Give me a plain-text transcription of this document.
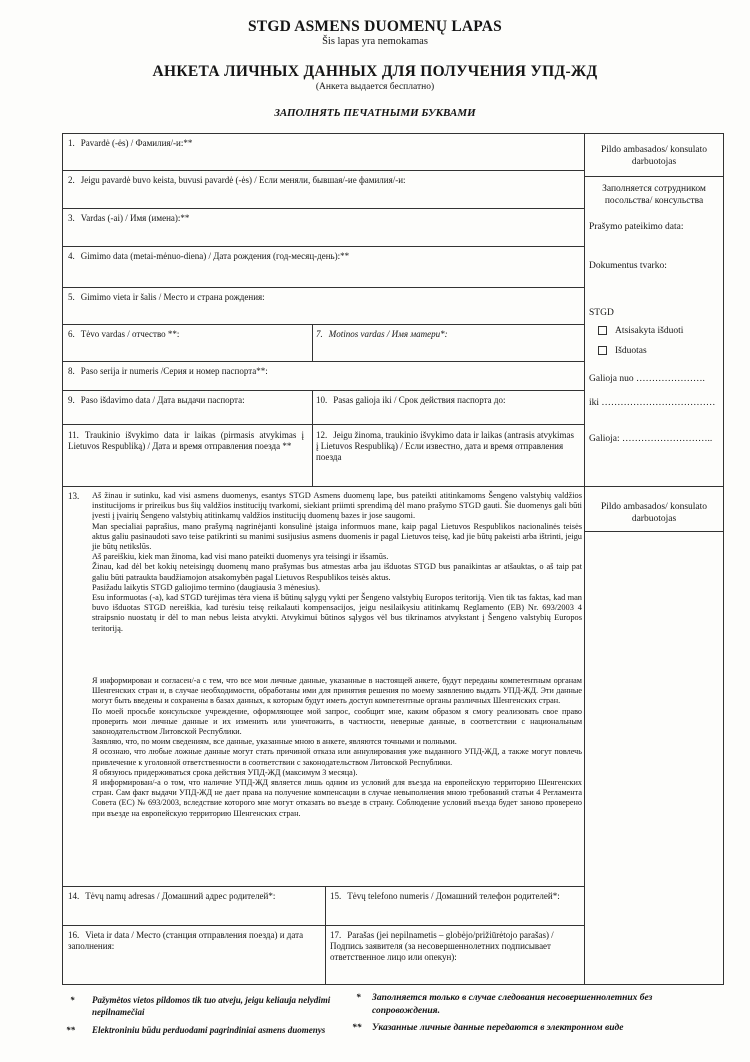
STGD ASMENS DUOMENŲ LAPAS
Šis lapas yra nemokamas
АНКЕТА ЛИЧНЫХ ДАННЫХ ДЛЯ ПОЛУЧЕНИЯ УПД-ЖД
(Анкета выдается бесплатно)
ЗАПОЛНЯТЬ ПЕЧАТНЫМИ БУКВАМИ
1. Pavardė (-ės) / Фамилия/-и:**
2. Jeigu pavardė buvo keista, buvusi pavardė (-ės) / Если меняли, бывшая/-ие фамилия/-и:
3. Vardas (-ai) / Имя (имена):**
4. Gimimo data (metai-mėnuo-diena) / Дата рождения (год-месяц-день):**
5. Gimimo vieta ir šalis / Место и страна рождения:
6. Tėvo vardas / отчество **:	7. Motinos vardas / Имя матери*:
8. Paso serija ir numeris /Серия и номер паспорта**:
9. Paso išdavimo data / Дата выдачи паспорта:	10. Pasas galioja iki / Срок действия паспорта до:
11. Traukinio išvykimo data ir laikas (pirmasis atvykimas į Lietuvos Respubliką) / Дата и время отправления поезда **
12. Jeigu žinoma, traukinio išvykimo data ir laikas (antrasis atvykimas į Lietuvos Respubliką) / Если известно, дата и время отправления поезда
13. Aš žinau ir sutinku, kad visi asmens duomenys, esantys STGD Asmens duomenų lape, bus pateikti atitinkamoms Šengeno valstybių valdžios institucijoms ir prireikus bus šių valdžios institucijų tvarkomi, siekiant priimti sprendimą dėl mano prašymo STGD gauti. Šie duomenys gali būti įvesti į įvairių Šengeno valstybių atitinkamų valdžios institucijų duomenų bazes ir jose saugomi.

Man specialiai paprašius, mano prašymą nagrinėjanti konsulinė įstaiga informuos mane, kaip pagal Lietuvos Respublikos nacionalinės teisės aktus galiu pasinaudoti savo teise patikrinti su manimi susijusius asmens duomenis ir pagal Lietuvos teisę, kad jie būtų pakeisti arba ištrinti, jeigu jie būtų netikslūs.

Aš pareiškiu, kiek man žinoma, kad visi mano pateikti duomenys yra teisingi ir išsamūs.

Žinau, kad dėl bet kokių neteisingų duomenų mano prašymas bus atmestas arba jau išduotas STGD bus panaikintas ar atšauktas, o aš taip pat galiu būti patraukta baudžiamojon atsakomybėn pagal Lietuvos Respublikos teisės aktus.

Pasižadu laikytis STGD galiojimo termino (daugiausia 3 mėnesius).

Esu informuotas (-a), kad STGD turėjimas tėra viena iš būtinų sąlygų vykti per Šengeno valstybių Europos teritoriją. Vien tik tas faktas, kad man buvo išduotas STGD nereiškia, kad turėsiu teisę reikalauti kompensacijos, jeigu nesilaikysiu atitinkamų Reglamento (EB) Nr. 693/2003 4 straipsnio nuostatų ir dėl to man nebus leista atvykti. Atvykimui būtinos sąlygos vėl bus tikrinamos atvykstant į Šengeno valstybių Europos teritoriją.

Я информирован и согласен/-а с тем, что все мои личные данные, указанные в настоящей анкете, будут переданы компетентным органам Шенгенских стран и, в случае необходимости, обработаны ими для принятия решения по моему заявлению выдать УПД-ЖД. Эти данные могут быть введены и сохранены в базах данных, к которым будут иметь доступ компетентные органы различных Шенгенских стран.

По моей просьбе консульское учреждение, оформляющее мой запрос, сообщит мне, каким образом я смогу реализовать свое право проверить мои личные данные и их изменить или уничтожить, в частности, неверные данные, в соответствии с национальным законодательством Литовской Республики.

Заявляю, что, по моим сведениям, все данные, указанные мною в анкете, являются точными и полными.

Я осознаю, что любые ложные данные могут стать причиной отказа или аннулирования уже выданного УПД-ЖД, а также могут повлечь привлечение к уголовной ответственности в соответствии с законодательством Литовской Республики.

Я обязуюсь придерживаться срока действия УПД-ЖД (максимум 3 месяца).

Я информирован/-а о том, что наличие УПД-ЖД является лишь одним из условий для въезда на европейскую территорию Шенгенских стран. Сам факт выдачи УПД-ЖД не дает права на получение компенсации в случае невыполнения мною требований статьи 4 Регламента Совета (ЕС) № 693/2003, вследствие которого мне могут отказать во въезде в страну. Соблюдение условий въезда будет заново проверено при въезде на европейскую территорию Шенгенских стран.

14. Tėvų namų adresas / Домашний адрес родителей*:	15. Tėvų telefono numeris / Домашний телефон родителей*:
16. Vieta ir data / Место (станция отправления поезда) и дата заполнения:
17. Parašas (jei nepilnametis – globėjo/prižiūrėtojo parašas) / Подпись заявителя (за несовершеннолетних подписывает ответственное лицо или опекун):
Pildo ambasados/ konsulato darbuotojas
Заполняется сотрудником посольства/ консульства
Prašymo pateikimo data:
Dokumentus tvarko:
STGD
Atsisakyta išduoti
Išduotas
Galioja nuo ………………….
iki ………………………………
Galioja: ………………………..
Pildo ambasados/ konsulato darbuotojas
* Pažymėtos vietos pildomos tik tuo atveju, jeigu keliauja nelydimi nepilnamečiai
** Elektroniniu būdu perduodami pagrindiniai asmens duomenys
* Заполняется только в случае следования несовершеннолетних без сопровождения.
** Указанные личные данные передаются в электронном виде
